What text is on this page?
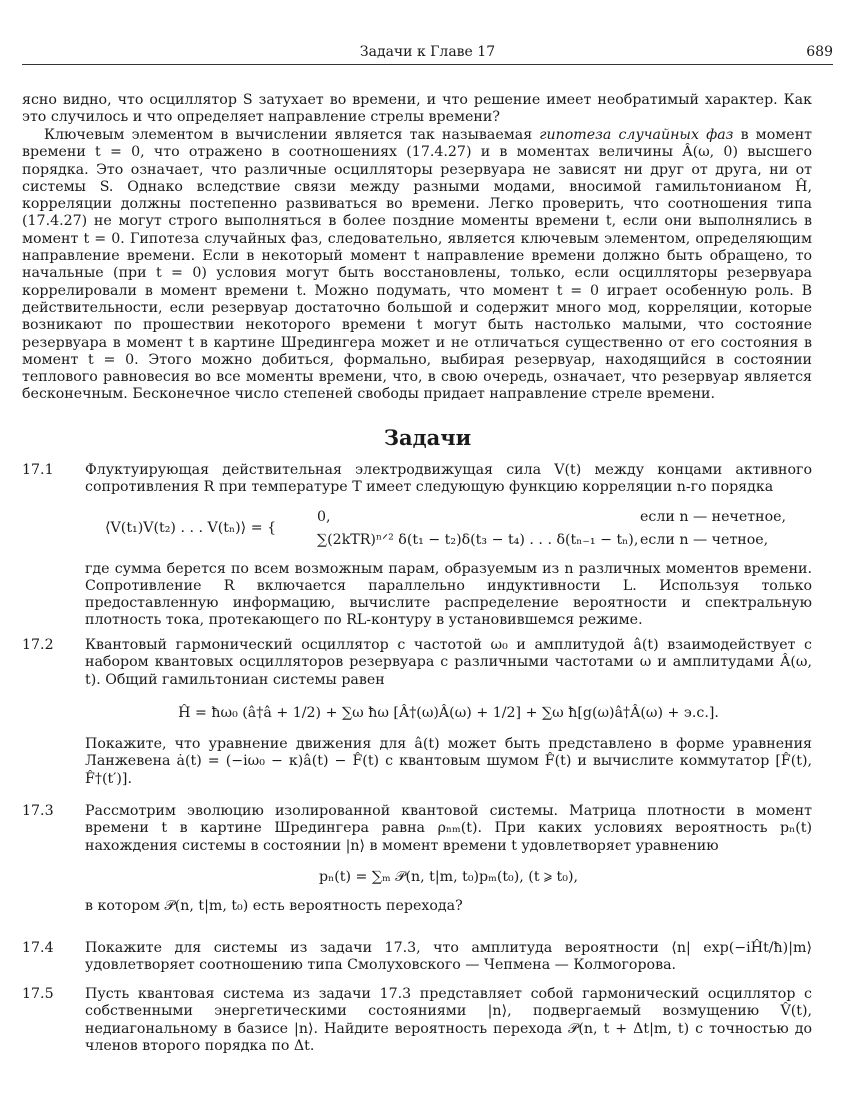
Задачи к Главе 17	689

ясно видно, что осциллятор S затухает во времени, и что решение имеет необратимый характер. Как это случилось и что определяет направление стрелы времени?

Ключевым элементом в вычислении является так называемая гипотеза случайных фаз в момент времени t = 0, что отражено в соотношениях (17.4.27) и в моментах величины Â(ω, 0) высшего порядка. Это означает, что различные осцилляторы резервуара не зависят ни друг от друга, ни от системы S. Однако вследствие связи между разными модами, вносимой гамильтонианом Ĥ, корреляции должны постепенно развиваться во времени. Легко проверить, что соотношения типа (17.4.27) не могут строго выполняться в более поздние моменты времени t, если они выполнялись в момент t = 0. Гипотеза случайных фаз, следовательно, является ключевым элементом, определяющим направление времени. Если в некоторый момент t направление времени должно быть обращено, то начальные (при t = 0) условия могут быть восстановлены, только, если осцилляторы резервуара коррелировали в момент времени t. Можно подумать, что момент t = 0 играет особенную роль. В действительности, если резервуар достаточно большой и содержит много мод, корреляции, которые возникают по прошествии некоторого времени t могут быть настолько малыми, что состояние резервуара в момент t в картине Шредингера может и не отличаться существенно от его состояния в момент t = 0. Этого можно добиться, формально, выбирая резервуар, находящийся в состоянии теплового равновесия во все моменты времени, что, в свою очередь, означает, что резервуар является бесконечным. Бесконечное число степеней свободы придает направление стреле времени.

Задачи
17.1	Флуктуирующая действительная электродвижущая сила V(t) между концами активного сопротивления R при температуре T имеет следующую функцию корреляции n-го порядка
⟨V(t₁)V(t₂) . . . V(tₙ)⟩ = {
0,	если n — нечетное,
∑(2kTR)ⁿᐟ² δ(t₁ − t₂)δ(t₃ − t₄) . . . δ(tₙ₋₁ − tₙ), если n — четное,
где сумма берется по всем возможным парам, образуемым из n различных моментов времени. Сопротивление R включается параллельно индуктивности L. Используя только предоставленную информацию, вычислите распределение вероятности и спектральную плотность тока, протекающего по RL-контуру в установившемся режиме.
17.2	Квантовый гармонический осциллятор с частотой ω₀ и амплитудой â(t) взаимодействует с набором квантовых осцилляторов резервуара с различными частотами ω и амплитудами Â(ω, t). Общий гамильтониан системы равен
Ĥ = ħω₀ (â†â + 1/2) + ∑ω ħω [Â†(ω)Â(ω) + 1/2] + ∑ω ħ[g(ω)â†Â(ω) + э.с.].
Покажите, что уравнение движения для â(t) может быть представлено в форме уравнения Ланжевена ȧ(t) = (−iω₀ − κ)â(t) − F̂(t) с квантовым шумом F̂(t) и вычислите коммутатор [F̂(t), F̂†(t′)].
17.3	Рассмотрим эволюцию изолированной квантовой системы. Матрица плотности в момент времени t в картине Шредингера равна ρₙₘ(t). При каких условиях вероятность pₙ(t) нахождения системы в состоянии |n⟩ в момент времени t удовлетворяет уравнению
pₙ(t) = ∑ₘ 𝒫(n, t|m, t₀)pₘ(t₀), (t ⩾ t₀),
в котором 𝒫(n, t|m, t₀) есть вероятность перехода?
17.4	Покажите для системы из задачи 17.3, что амплитуда вероятности ⟨n| exp(−iĤt/ħ)|m⟩ удовлетворяет соотношению типа Смолуховского — Чепмена — Колмогорова.
17.5	Пусть квантовая система из задачи 17.3 представляет собой гармонический осциллятор с собственными энергетическими состояниями |n⟩, подвергаемый возмущению V̂(t), недиагональному в базисе |n⟩. Найдите вероятность перехода 𝒫(n, t + Δt|m, t) с точностью до членов второго порядка по Δt.
